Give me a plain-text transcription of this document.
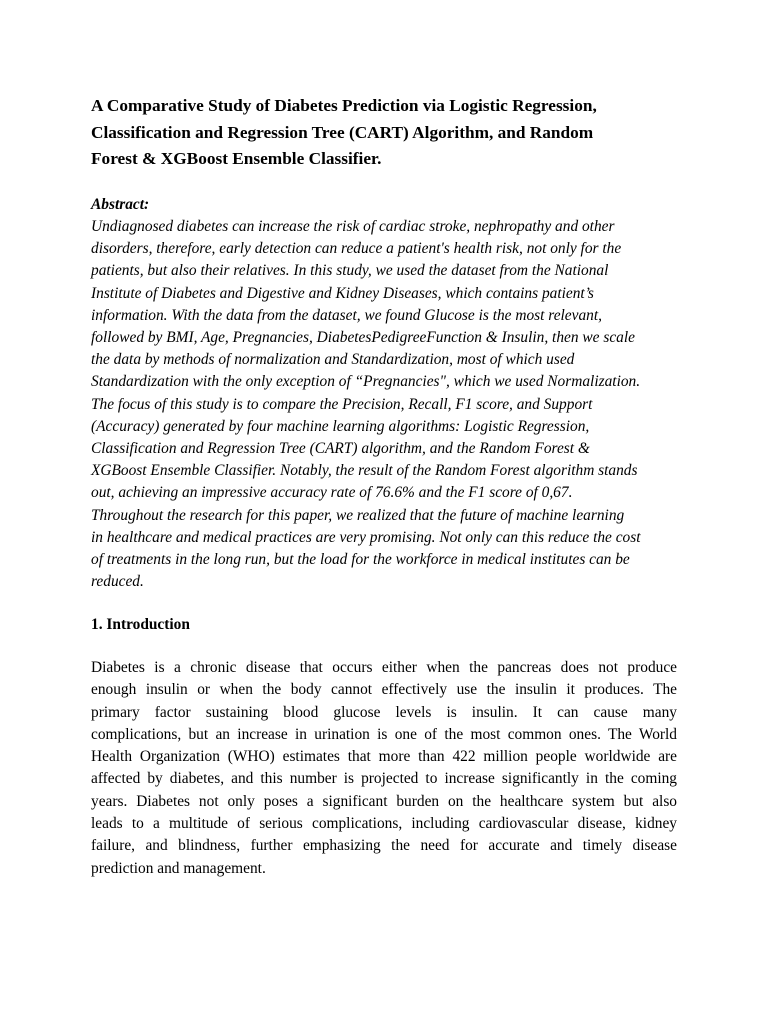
A Comparative Study of Diabetes Prediction via Logistic Regression,
Classification and Regression Tree (CART) Algorithm, and Random
Forest & XGBoost Ensemble Classifier.

Abstract:

Undiagnosed diabetes can increase the risk of cardiac stroke, nephropathy and other
disorders, therefore, early detection can reduce a patient's health risk, not only for the
patients, but also their relatives. In this study, we used the dataset from the National
Institute of Diabetes and Digestive and Kidney Diseases, which contains patient’s
information. With the data from the dataset, we found Glucose is the most relevant,
followed by BMI, Age, Pregnancies, DiabetesPedigreeFunction & Insulin, then we scale
the data by methods of normalization and Standardization, most of which used
Standardization with the only exception of “Pregnancies", which we used Normalization.
The focus of this study is to compare the Precision, Recall, F1 score, and Support
(Accuracy) generated by four machine learning algorithms: Logistic Regression,
Classification and Regression Tree (CART) algorithm, and the Random Forest &
XGBoost Ensemble Classifier. Notably, the result of the Random Forest algorithm stands
out, achieving an impressive accuracy rate of 76.6% and the F1 score of 0,67.
Throughout the research for this paper, we realized that the future of machine learning
in healthcare and medical practices are very promising. Not only can this reduce the cost
of treatments in the long run, but the load for the workforce in medical institutes can be
reduced.

1. Introduction

Diabetes is a chronic disease that occurs either when the pancreas does not produce
enough insulin or when the body cannot effectively use the insulin it produces. The
primary factor sustaining blood glucose levels is insulin. It can cause many
complications, but an increase in urination is one of the most common ones. The World
Health Organization (WHO) estimates that more than 422 million people worldwide are
affected by diabetes, and this number is projected to increase significantly in the coming
years. Diabetes not only poses a significant burden on the healthcare system but also
leads to a multitude of serious complications, including cardiovascular disease, kidney
failure, and blindness, further emphasizing the need for accurate and timely disease
prediction and management.
